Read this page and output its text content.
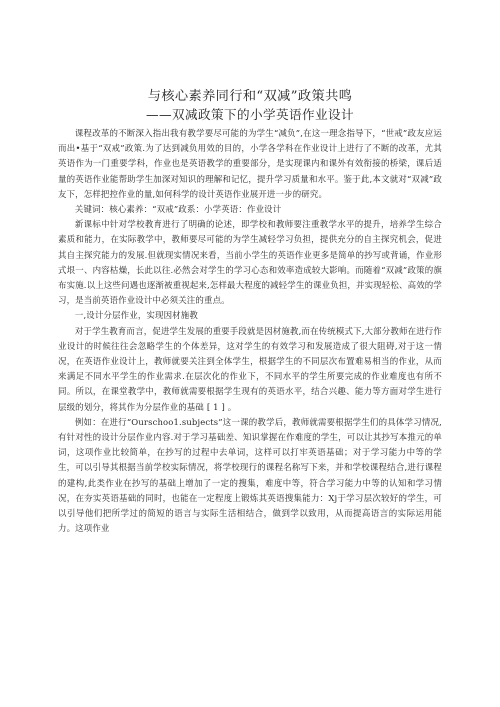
与核心素养同行和“双减”政策共鸣
——双减政策下的小学英语作业设计

课程改革的不断深入指出我有教学要尽可能的为学生“减负”,在这一理念指导下，“世戒”政友应运而出•基于“双戒”政策.为了达到减负用效的目的，小学各学科在作业设计上进行了不断的改革，尤其英语作为一门重要学科，作业也是英语教学的重要部分，是实现课内和课外有效衔接的桥梁，课后适量的英语作业能帮助学生加深对知识的理解和记忆，提升学习质量和水平。鉴于此,本文就对“双减”政友下，怎样把控作业的量,如何科学的设计英语作业展开进一步的研究。

关键词：核心素养：“双戒”政系：小学英语：作业设计

新课标中针对学校教育进行了明确的论述，即学校和教师要注重教学水平的提升，培养学生综合素质和能力，在实际教学中，教师要尽可能的为学生减轻学习负担，提供充分的自主探究机会，促进其自主探究能力的发展.但就现实情况来看，当前小学生的英语作业更多是简单的抄写或背诵，作业形式垠一、内容枯燥，长此以往.必然会对学生的学习心态和效率造成较大影响。而随着“双减”政策的旗布实施.以上这些问遇也逐渐被重视起来,怎样最大程度的减轻学生的课业负担，并实现轻松、高效的学习，是当前英语作业设计中必须关注的重点。

一,设计分层作业，实现因材施教

对于学生教育而言，促进学生发展的重要手段就是因材施教,而在传统模式下,大部分教师在进行作业设计的时候往往会忽略学生的个体差异，这对学生的有效学习和发展造成了很大阻碍,对于这一情况，在英语作业设计上，教师就要关注到全体学生，根据学生的不同层次布置难易相当的作业，从而来满足不同水平学生的作业需求.在层次化的作业下，不同水平的学生所要完成的作业难度也有所不同。所以，在课堂教学中，教师就需要根据学生现有的英语水平，结合兴趣、能力等方面对学生进行层级的划分，将其作为分层作业的基础 [ 1 ] 。

例如：在进行“Ourschoo1.subjects”这一课的教学后，教师就需要根据学生们的具体学习情况,有针对性的设计分层作业内容.对于学习基础差、知识掌握在作难度的学生，可以让其抄写本推元的单词，这项作业比较简单，在抄写的过程中去单词，这样可以打牢英语基础；对于学习能力中等的学生，可以引导其根据当前学校实际情况，将学校现行的课程名称写下来，并和学校课程结合,进行课程的建构,此类作业在抄写的基础上增加了一定的搜集，难度中等，符合学习能力中等的认知和学习情况，在夯实英语基础的同时，也能在一定程度上锻炼其英语搜集能力：Xj于学习层次较好的学生，可以引导他们把所学过的简短的语言与实际生活相结合，做到学以致用，从而提高语言的实际运用能力。这项作业
